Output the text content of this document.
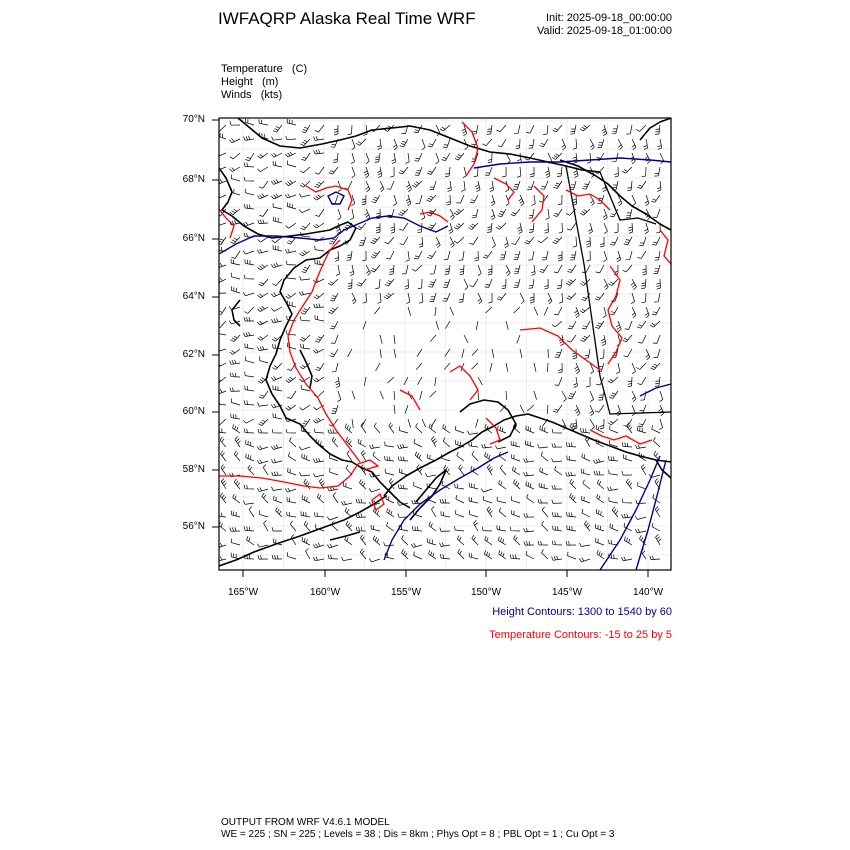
IWFAQRP Alaska Real Time WRF	Init: 2025-09-18_00:00:00
Valid: 2025-09-18_01:00:00
Temperature   (C)
Height   (m)
Winds   (kts)
70°N
68°N
66°N
64°N
62°N
60°N
58°N
56°N
165°W	160°W	155°W	150°W	145°W	140°W
Height Contours: 1300 to 1540 by 60
Temperature Contours: -15 to 25 by 5
OUTPUT FROM WRF V4.6.1 MODEL
WE = 225 ; SN = 225 ; Levels = 38 ; Dis = 8km ; Phys Opt = 8 ; PBL Opt = 1 ; Cu Opt = 3
